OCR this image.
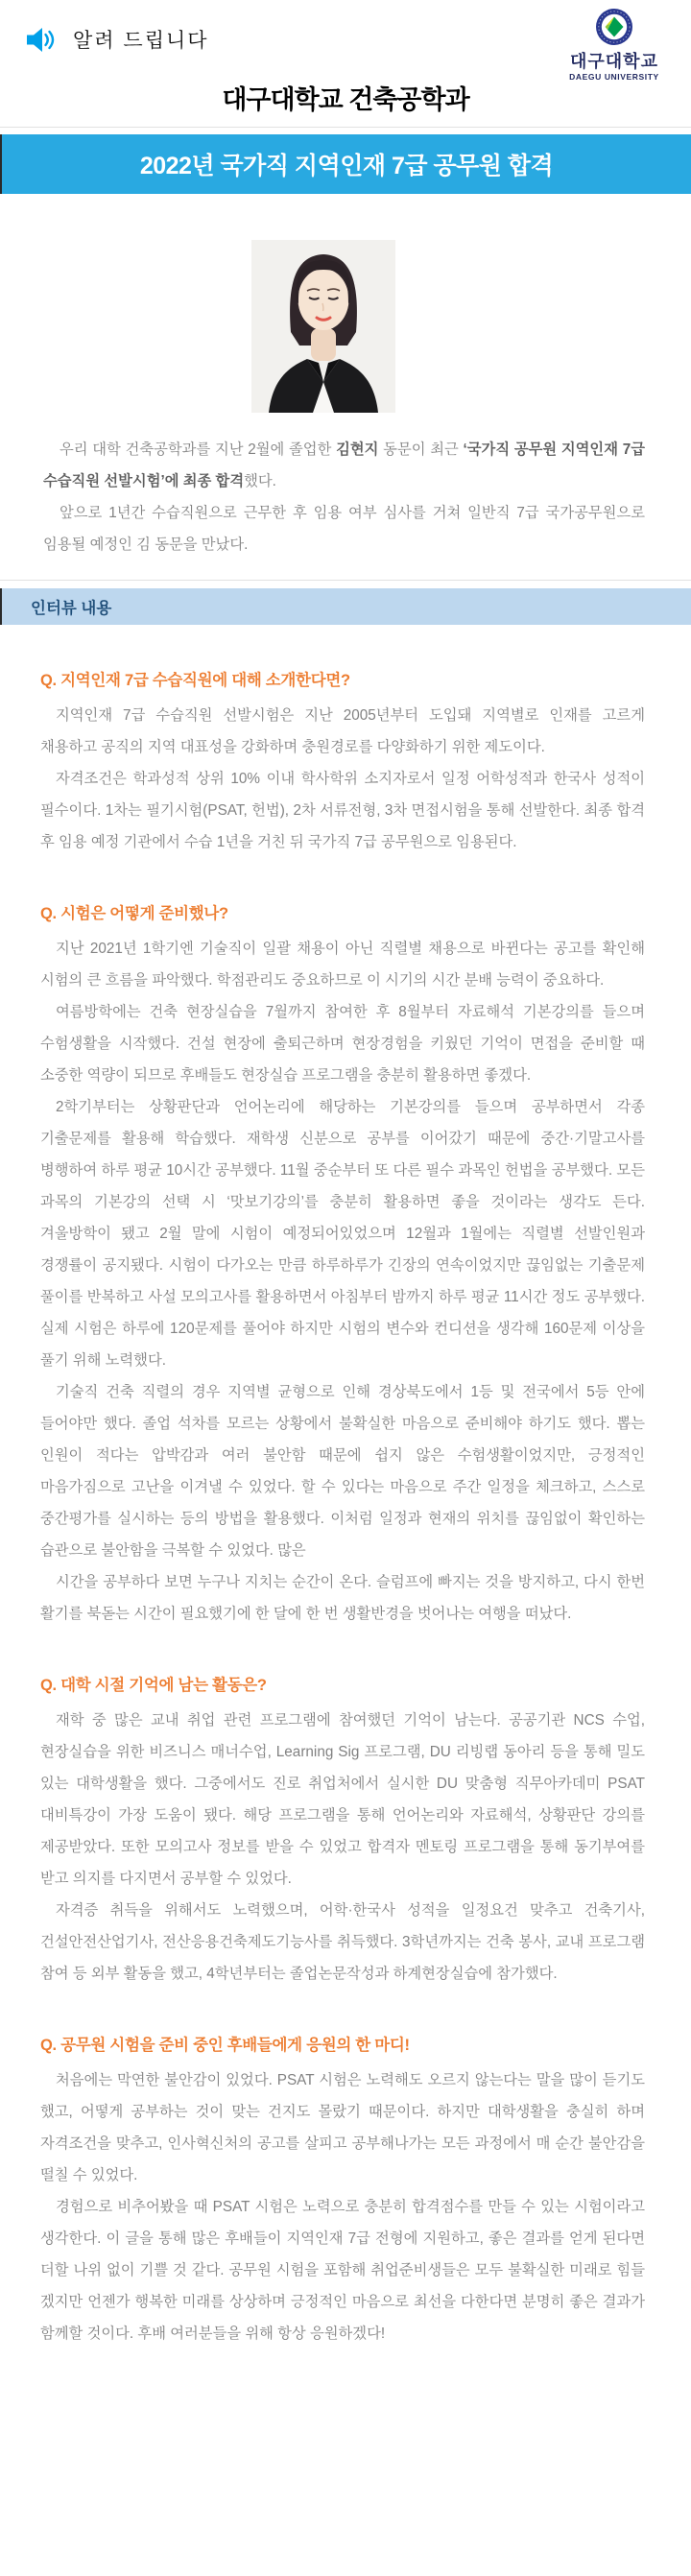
알려 드립니다
대구대학교
DAEGU UNIVERSITY
대구대학교 건축공학과
2022년 국가직 지역인재 7급 공무원 합격

우리 대학 건축공학과를 지난 2월에 졸업한 김현지 동문이 최근 ‘국가직 공무원 지역인재 7급 수습직원 선발시험’에 최종 합격했다.

앞으로 1년간 수습직원으로 근무한 후 임용 여부 심사를 거쳐 일반직 7급 국가공무원으로 임용될 예정인 김 동문을 만났다.

인터뷰 내용
Q. 지역인재 7급 수습직원에 대해 소개한다면?

지역인재 7급 수습직원 선발시험은 지난 2005년부터 도입돼 지역별로 인재를 고르게 채용하고 공직의 지역 대표성을 강화하며 충원경로를 다양화하기 위한 제도이다.

자격조건은 학과성적 상위 10% 이내 학사학위 소지자로서 일정 어학성적과 한국사 성적이 필수이다. 1차는 필기시험(PSAT, 헌법), 2차 서류전형, 3차 면접시험을 통해 선발한다. 최종 합격 후 임용 예정 기관에서 수습 1년을 거친 뒤 국가직 7급 공무원으로 임용된다.

Q. 시험은 어떻게 준비했나?

지난 2021년 1학기엔 기술직이 일괄 채용이 아닌 직렬별 채용으로 바뀐다는 공고를 확인해 시험의 큰 흐름을 파악했다. 학점관리도 중요하므로 이 시기의 시간 분배 능력이 중요하다.

여름방학에는 건축 현장실습을 7월까지 참여한 후 8월부터 자료해석 기본강의를 들으며 수험생활을 시작했다. 건설 현장에 출퇴근하며 현장경험을 키웠던 기억이 면접을 준비할 때 소중한 역량이 되므로 후배들도 현장실습 프로그램을 충분히 활용하면 좋겠다.

2학기부터는 상황판단과 언어논리에 해당하는 기본강의를 들으며 공부하면서 각종 기출문제를 활용해 학습했다. 재학생 신분으로 공부를 이어갔기 때문에 중간·기말고사를 병행하여 하루 평균 10시간 공부했다. 11월 중순부터 또 다른 필수 과목인 헌법을 공부했다. 모든 과목의 기본강의 선택 시 ‘맛보기강의’를 충분히 활용하면 좋을 것이라는 생각도 든다. 겨울방학이 됐고 2월 말에 시험이 예정되어있었으며 12월과 1월에는 직렬별 선발인원과 경쟁률이 공지됐다. 시험이 다가오는 만큼 하루하루가 긴장의 연속이었지만 끊임없는 기출문제 풀이를 반복하고 사설 모의고사를 활용하면서 아침부터 밤까지 하루 평균 11시간 정도 공부했다. 실제 시험은 하루에 120문제를 풀어야 하지만 시험의 변수와 컨디션을 생각해 160문제 이상을 풀기 위해 노력했다.

기술직 건축 직렬의 경우 지역별 균형으로 인해 경상북도에서 1등 및 전국에서 5등 안에 들어야만 했다. 졸업 석차를 모르는 상황에서 불확실한 마음으로 준비해야 하기도 했다. 뽑는 인원이 적다는 압박감과 여러 불안함 때문에 쉽지 않은 수험생활이었지만, 긍정적인 마음가짐으로 고난을 이겨낼 수 있었다. 할 수 있다는 마음으로 주간 일정을 체크하고, 스스로 중간평가를 실시하는 등의 방법을 활용했다. 이처럼 일정과 현재의 위치를 끊임없이 확인하는 습관으로 불안함을 극복할 수 있었다. 많은

시간을 공부하다 보면 누구나 지치는 순간이 온다. 슬럼프에 빠지는 것을 방지하고, 다시 한번 활기를 북돋는 시간이 필요했기에 한 달에 한 번 생활반경을 벗어나는 여행을 떠났다.

Q. 대학 시절 기억에 남는 활동은?

재학 중 많은 교내 취업 관련 프로그램에 참여했던 기억이 남는다. 공공기관 NCS 수업, 현장실습을 위한 비즈니스 매너수업, Learning Sig 프로그램, DU 리빙랩 동아리 등을 통해 밀도 있는 대학생활을 했다. 그중에서도 진로 취업처에서 실시한 DU 맞춤형 직무아카데미 PSAT 대비특강이 가장 도움이 됐다. 해당 프로그램을 통해 언어논리와 자료해석, 상황판단 강의를 제공받았다. 또한 모의고사 정보를 받을 수 있었고 합격자 멘토링 프로그램을 통해 동기부여를 받고 의지를 다지면서 공부할 수 있었다.

자격증 취득을 위해서도 노력했으며, 어학·한국사 성적을 일정요건 맞추고 건축기사, 건설안전산업기사, 전산응용건축제도기능사를 취득했다. 3학년까지는 건축 봉사, 교내 프로그램 참여 등 외부 활동을 했고, 4학년부터는 졸업논문작성과 하계현장실습에 참가했다.

Q. 공무원 시험을 준비 중인 후배들에게 응원의 한 마디!

처음에는 막연한 불안감이 있었다. PSAT 시험은 노력해도 오르지 않는다는 말을 많이 듣기도 했고, 어떻게 공부하는 것이 맞는 건지도 몰랐기 때문이다. 하지만 대학생활을 충실히 하며 자격조건을 맞추고, 인사혁신처의 공고를 살피고 공부해나가는 모든 과정에서 매 순간 불안감을 떨칠 수 있었다.

경험으로 비추어봤을 때 PSAT 시험은 노력으로 충분히 합격점수를 만들 수 있는 시험이라고 생각한다. 이 글을 통해 많은 후배들이 지역인재 7급 전형에 지원하고, 좋은 결과를 얻게 된다면 더할 나위 없이 기쁠 것 같다. 공무원 시험을 포함해 취업준비생들은 모두 불확실한 미래로 힘들 겠지만 언젠가 행복한 미래를 상상하며 긍정적인 마음으로 최선을 다한다면 분명히 좋은 결과가 함께할 것이다. 후배 여러분들을 위해 항상 응원하겠다!
